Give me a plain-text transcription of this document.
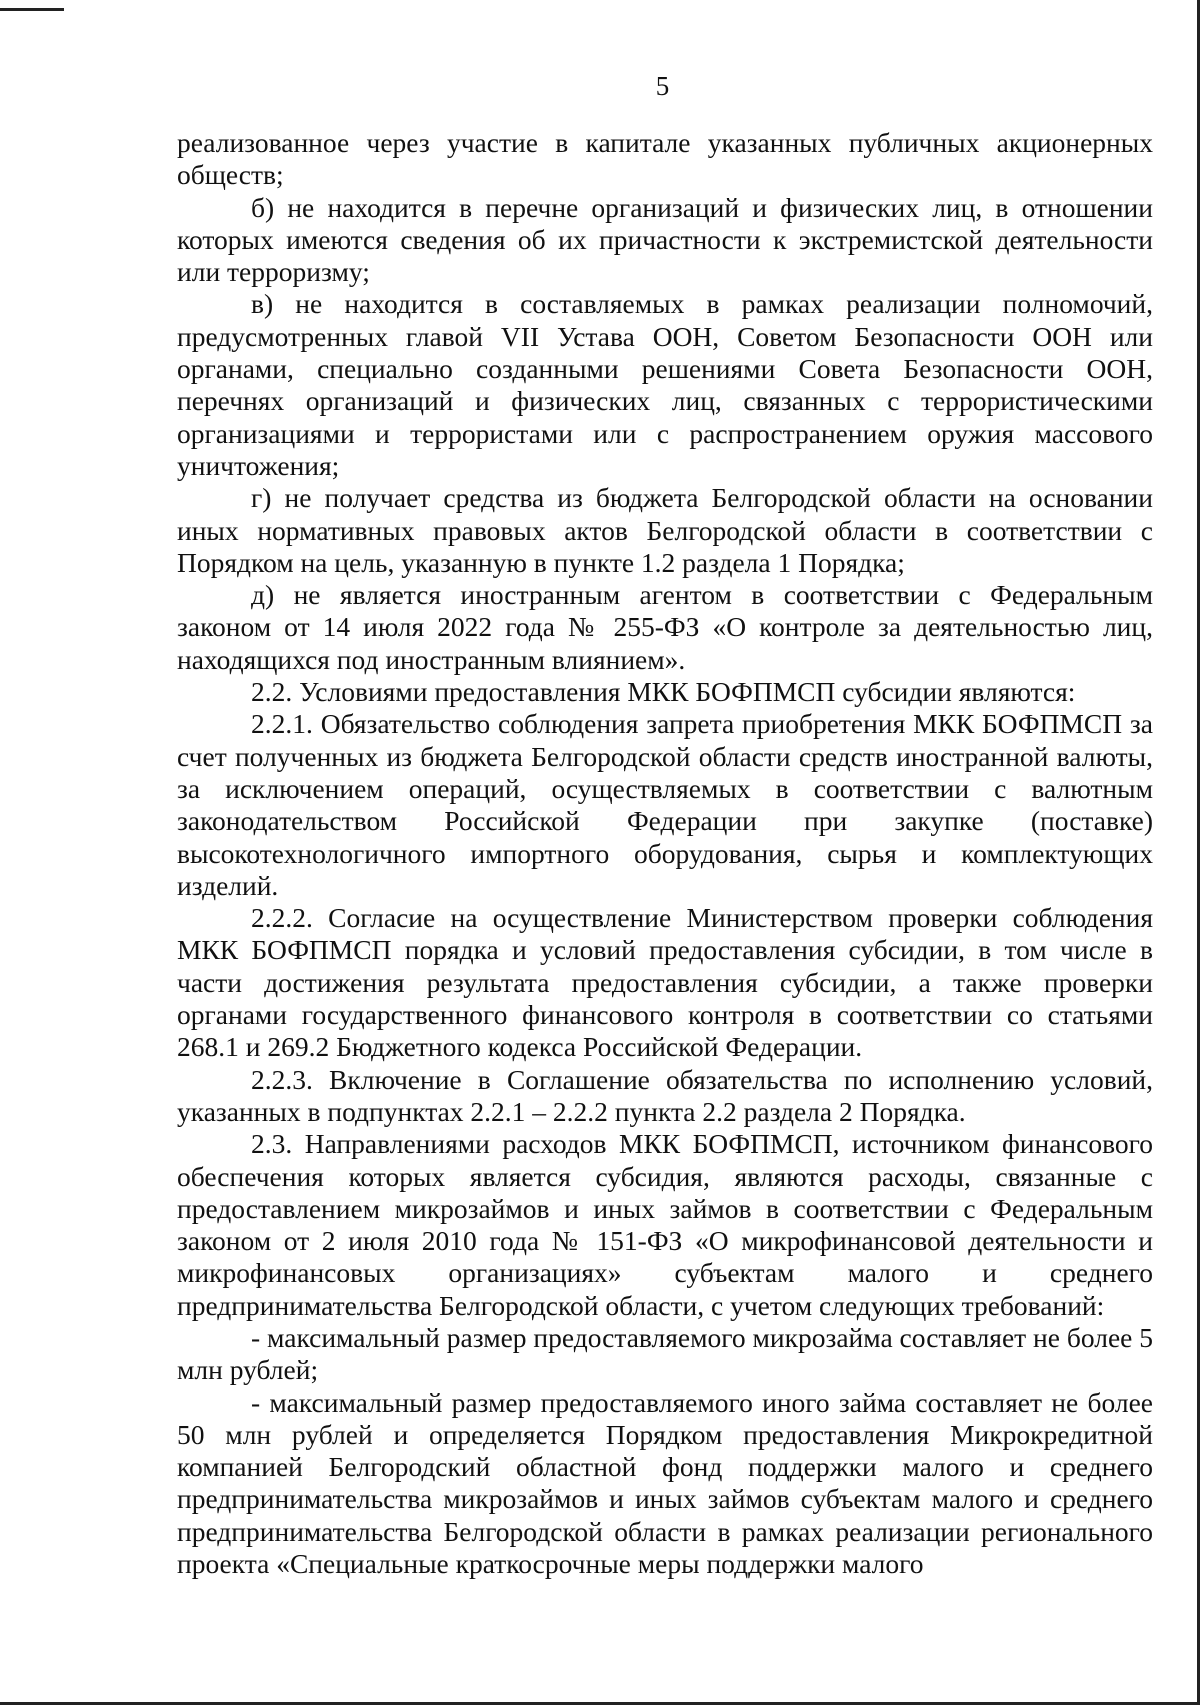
5

реализованное через участие в капитале указанных публичных акционерных обществ;

б) не находится в перечне организаций и физических лиц, в отношении которых имеются сведения об их причастности к экстремистской деятельности или терроризму;

в) не находится в составляемых в рамках реализации полномочий, предусмотренных главой VII Устава ООН, Советом Безопасности ООН или органами, специально созданными решениями Совета Безопасности ООН, перечнях организаций и физических лиц, связанных с террористическими организациями и террористами или с распространением оружия массового уничтожения;

г) не получает средства из бюджета Белгородской области на основании иных нормативных правовых актов Белгородской области в соответствии с Порядком на цель, указанную в пункте 1.2 раздела 1 Порядка;

д) не является иностранным агентом в соответствии с Федеральным законом от 14 июля 2022 года № 255-ФЗ «О контроле за деятельностью лиц, находящихся под иностранным влиянием».

2.2. Условиями предоставления МКК БОФПМСП субсидии являются:

2.2.1. Обязательство соблюдения запрета приобретения МКК БОФПМСП за счет полученных из бюджета Белгородской области средств иностранной валюты, за исключением операций, осуществляемых в соответствии с валютным законодательством Российской Федерации при закупке (поставке) высокотехнологичного импортного оборудования, сырья и комплектующих изделий.

2.2.2. Согласие на осуществление Министерством проверки соблюдения МКК БОФПМСП порядка и условий предоставления субсидии, в том числе в части достижения результата предоставления субсидии, а также проверки органами государственного финансового контроля в соответствии со статьями 268.1 и 269.2 Бюджетного кодекса Российской Федерации.

2.2.3. Включение в Соглашение обязательства по исполнению условий, указанных в подпунктах 2.2.1 – 2.2.2 пункта 2.2 раздела 2 Порядка.

2.3. Направлениями расходов МКК БОФПМСП, источником финансового обеспечения которых является субсидия, являются расходы, связанные с предоставлением микрозаймов и иных займов в соответствии с Федеральным законом от 2 июля 2010 года № 151-ФЗ «О микрофинансовой деятельности и микрофинансовых организациях» субъектам малого и среднего предпринимательства Белгородской области, с учетом следующих требований:

- максимальный размер предоставляемого микрозайма составляет не более 5 млн рублей;

- максимальный размер предоставляемого иного займа составляет не более 50 млн рублей и определяется Порядком предоставления Микрокредитной компанией Белгородский областной фонд поддержки малого и среднего предпринимательства микрозаймов и иных займов субъектам малого и среднего предпринимательства Белгородской области в рамках реализации регионального проекта «Специальные краткосрочные меры поддержки малого
